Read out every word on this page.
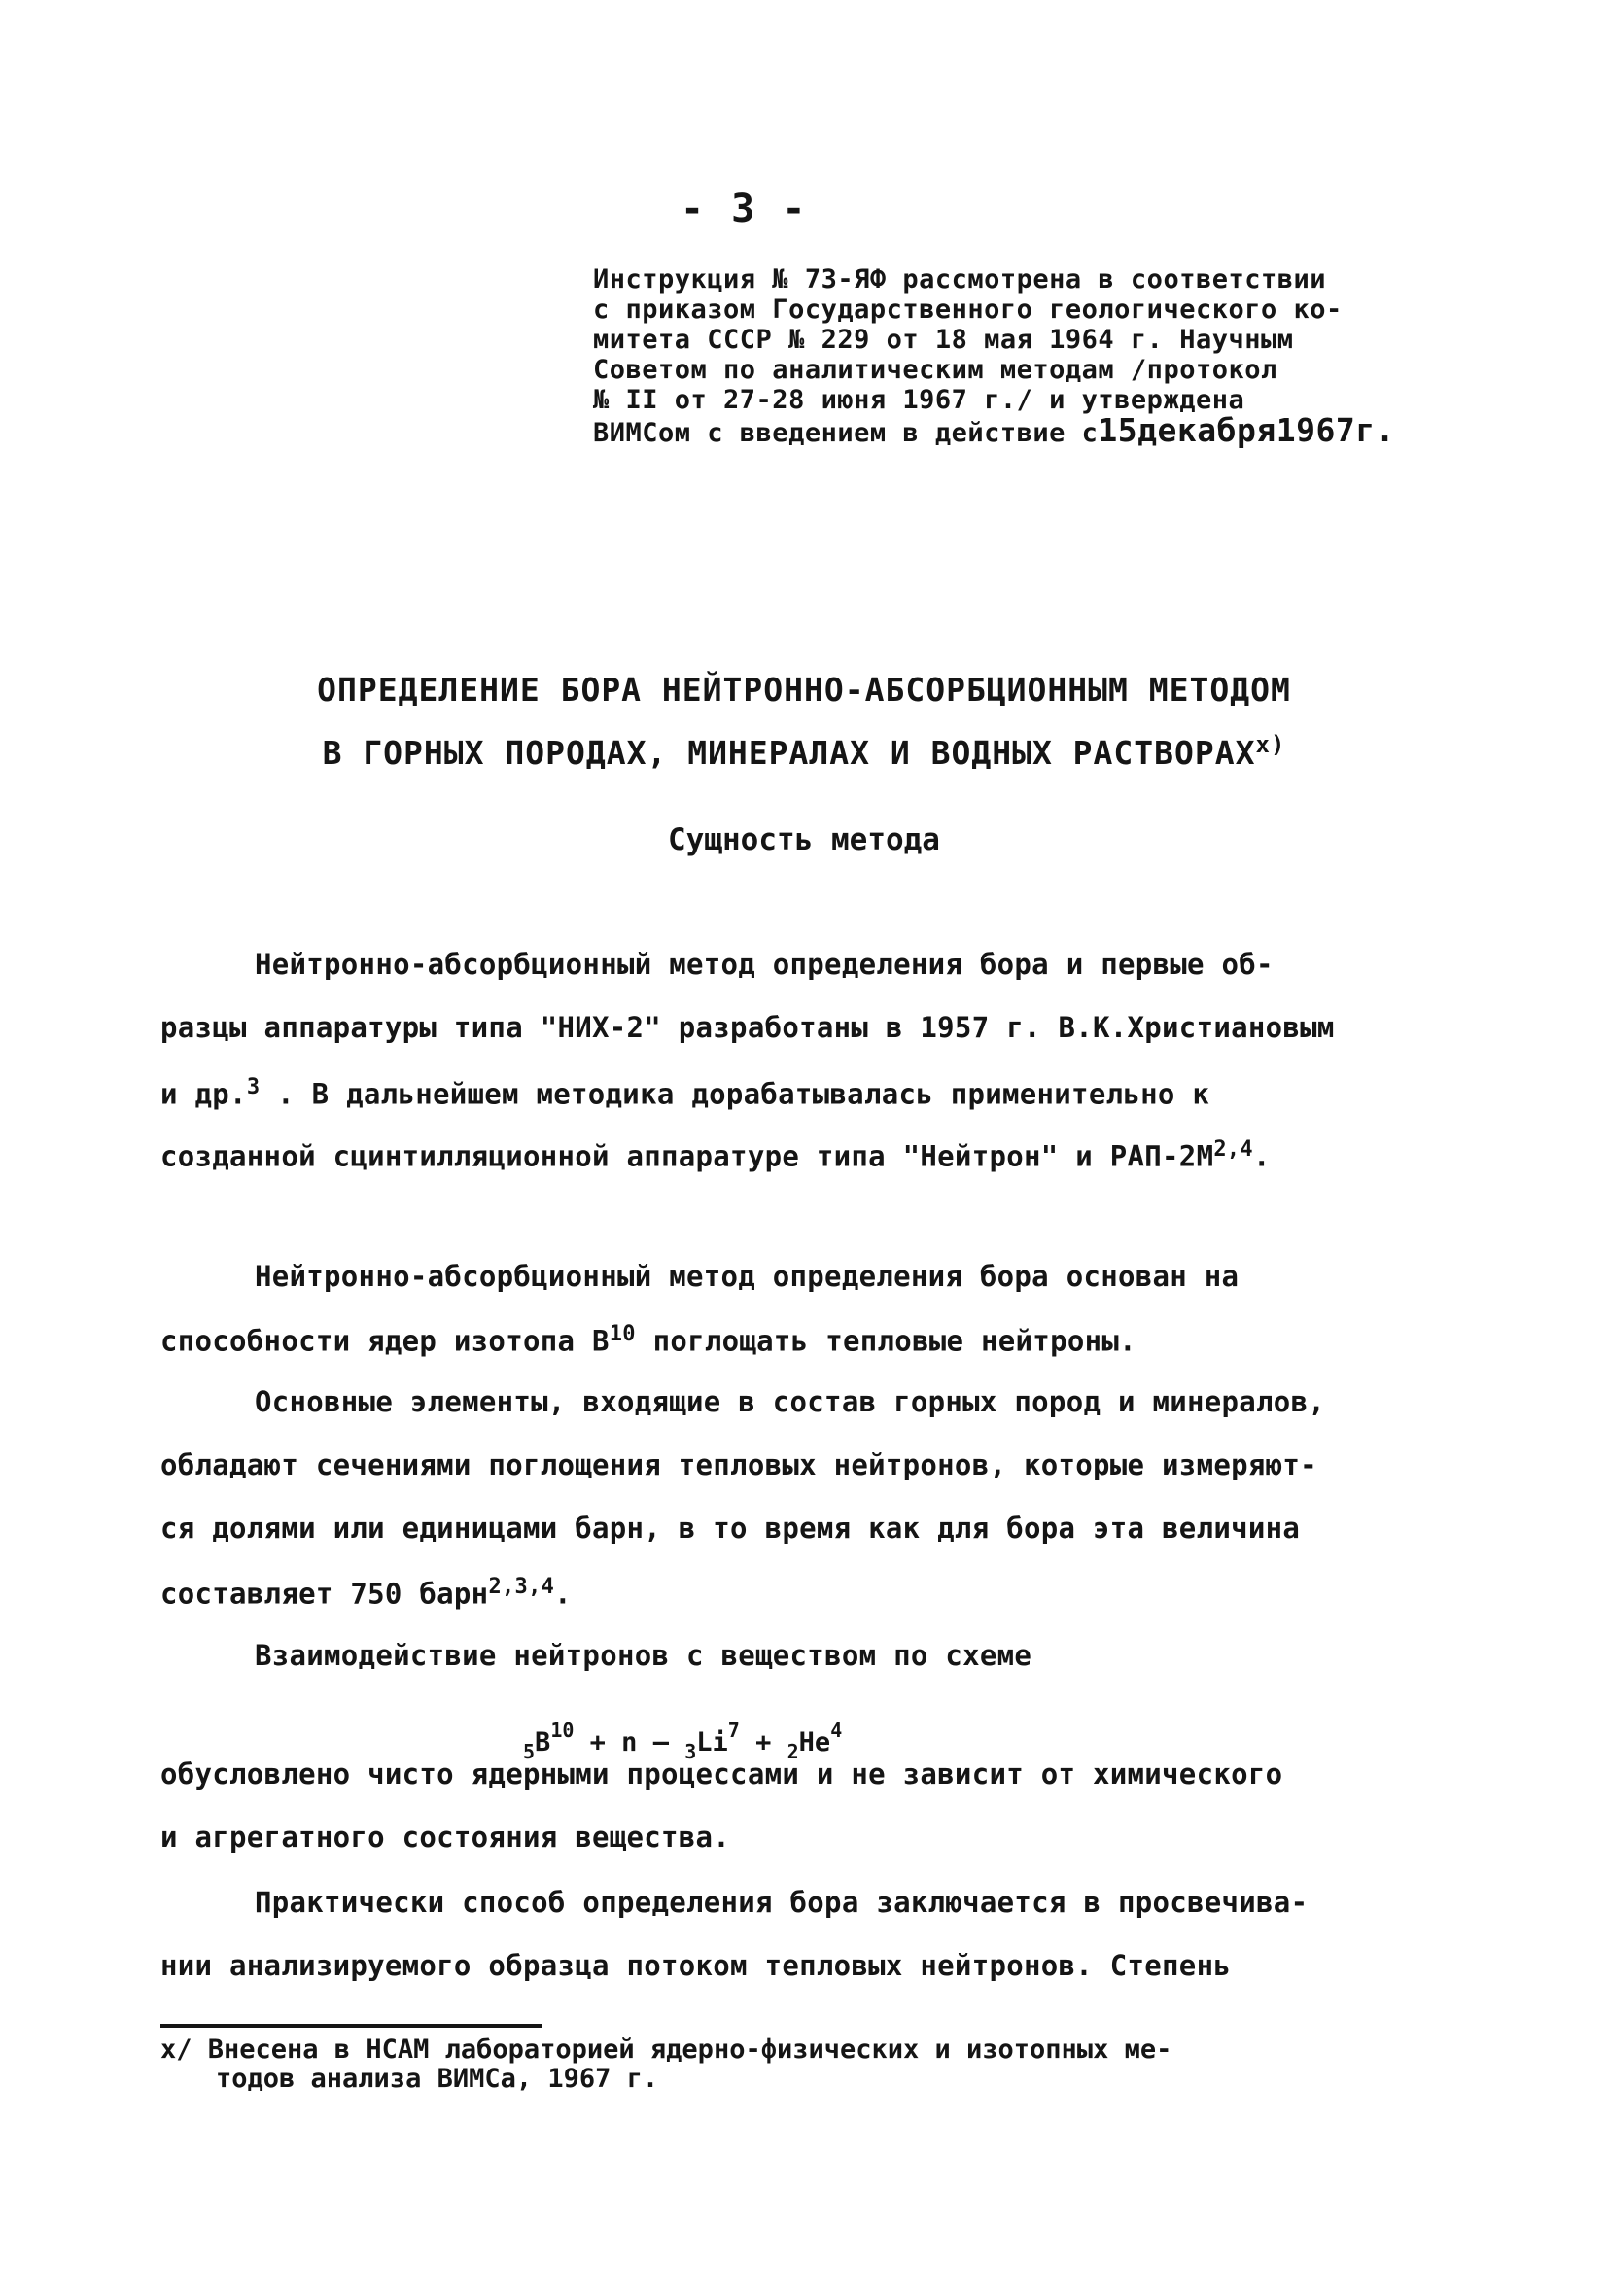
- 3 -
Инструкция № 73-ЯФ рассмотрена в соответствии
с приказом Государственного геологического ко-
митета СССР № 229 от 18 мая 1964 г. Научным
Советом по аналитическим методам /протокол
№ II от 27-28 июня 1967 г./ и утверждена
ВИМСом с введением в действие с15декабря1967г.
ОПРЕДЕЛЕНИЕ БОРА НЕЙТРОННО-АБСОРБЦИОННЫМ МЕТОДОМ
В ГОРНЫХ ПОРОДАХ, МИНЕРАЛАХ И ВОДНЫХ РАСТВОРАХ$^{x)}$
Сущность метода
Нейтронно-абсорбционный метод определения бора и первые об-
разцы аппаратуры типа "НИХ-2" разработаны в 1957 г. В.К.Христиановым
и др.$^3$ . В дальнейшем методика дорабатывалась применительно к
созданной сцинтилляционной аппаратуре типа "Нейтрон" и РАП-$2М^{2,4}$.
Нейтронно-абсорбционный метод определения бора основан на
способности ядер изотопа $В^{10}$ поглощать тепловые нейтроны.
Основные элементы, входящие в состав горных пород и минералов,
обладают сечениями поглощения тепловых нейтронов, которые измеряют-
ся долями или единицами барн, в то время как для бора эта величина
составляет 750 барн$^{2,3,4}$.
Взаимодействие нейтронов с веществом по схеме
$_5B^{10} + n$ — $_3Li^7 + _2He^4$
обусловлено чисто ядерными процессами и не зависит от химического
и агрегатного состояния вещества.
Практически способ определения бора заключается в просвечива-
нии анализируемого образца потоком тепловых нейтронов. Степень
x/ Внесена в НСАМ лабораторией ядерно-физических и изотопных ме-
тодов анализа ВИМСа, 1967 г.
